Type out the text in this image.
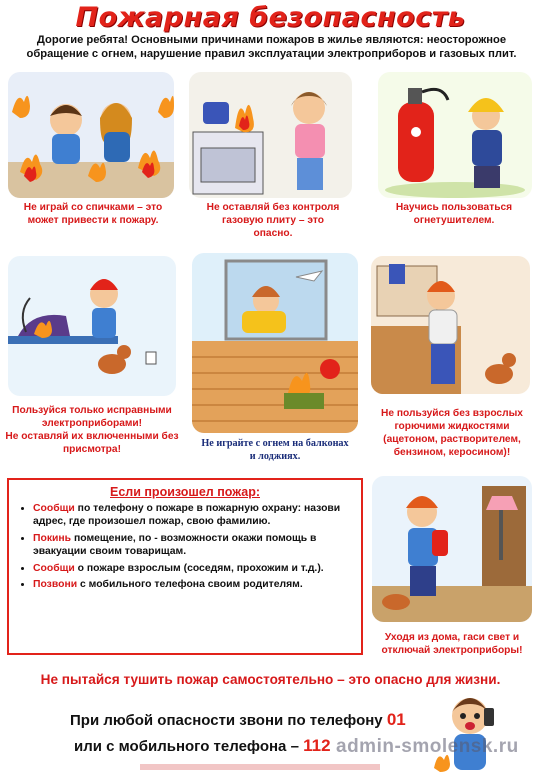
Пожарная безопасность
Дорогие ребята! Основными причинами пожаров в жилье являются: неосторожное обращение с огнем, нарушение правил эксплуатации электроприборов и газовых плит.
Не играй со спичками – это может привести к пожару.
Не оставляй без контроля газовую плиту – это опасно.
Научись пользоваться огнетушителем.
Пользуйся только исправными электроприборами!
Не оставляй их включенными без присмотра!
Не играйте с огнем на балконах и лоджиях.
Не пользуйся без взрослых горючими жидкостями (ацетоном, растворителем, бензином, керосином)!
Если произошел пожар:
• Сообщи по телефону о пожаре в пожарную охрану: назови адрес, где произошел пожар, свою фамилию.
• Покинь помещение, по - возможности окажи помощь в эвакуации своим товарищам.
• Сообщи о пожаре взрослым (соседям, прохожим и т.д.).
• Позвони с мобильного телефона своим родителям.
Уходя из дома, гаси свет и отключай электроприборы!
Не пытайся тушить пожар самостоятельно – это опасно для жизни.
При любой опасности звони по телефону 01
или с мобильного телефона – 112 admin-smolensk.ru
